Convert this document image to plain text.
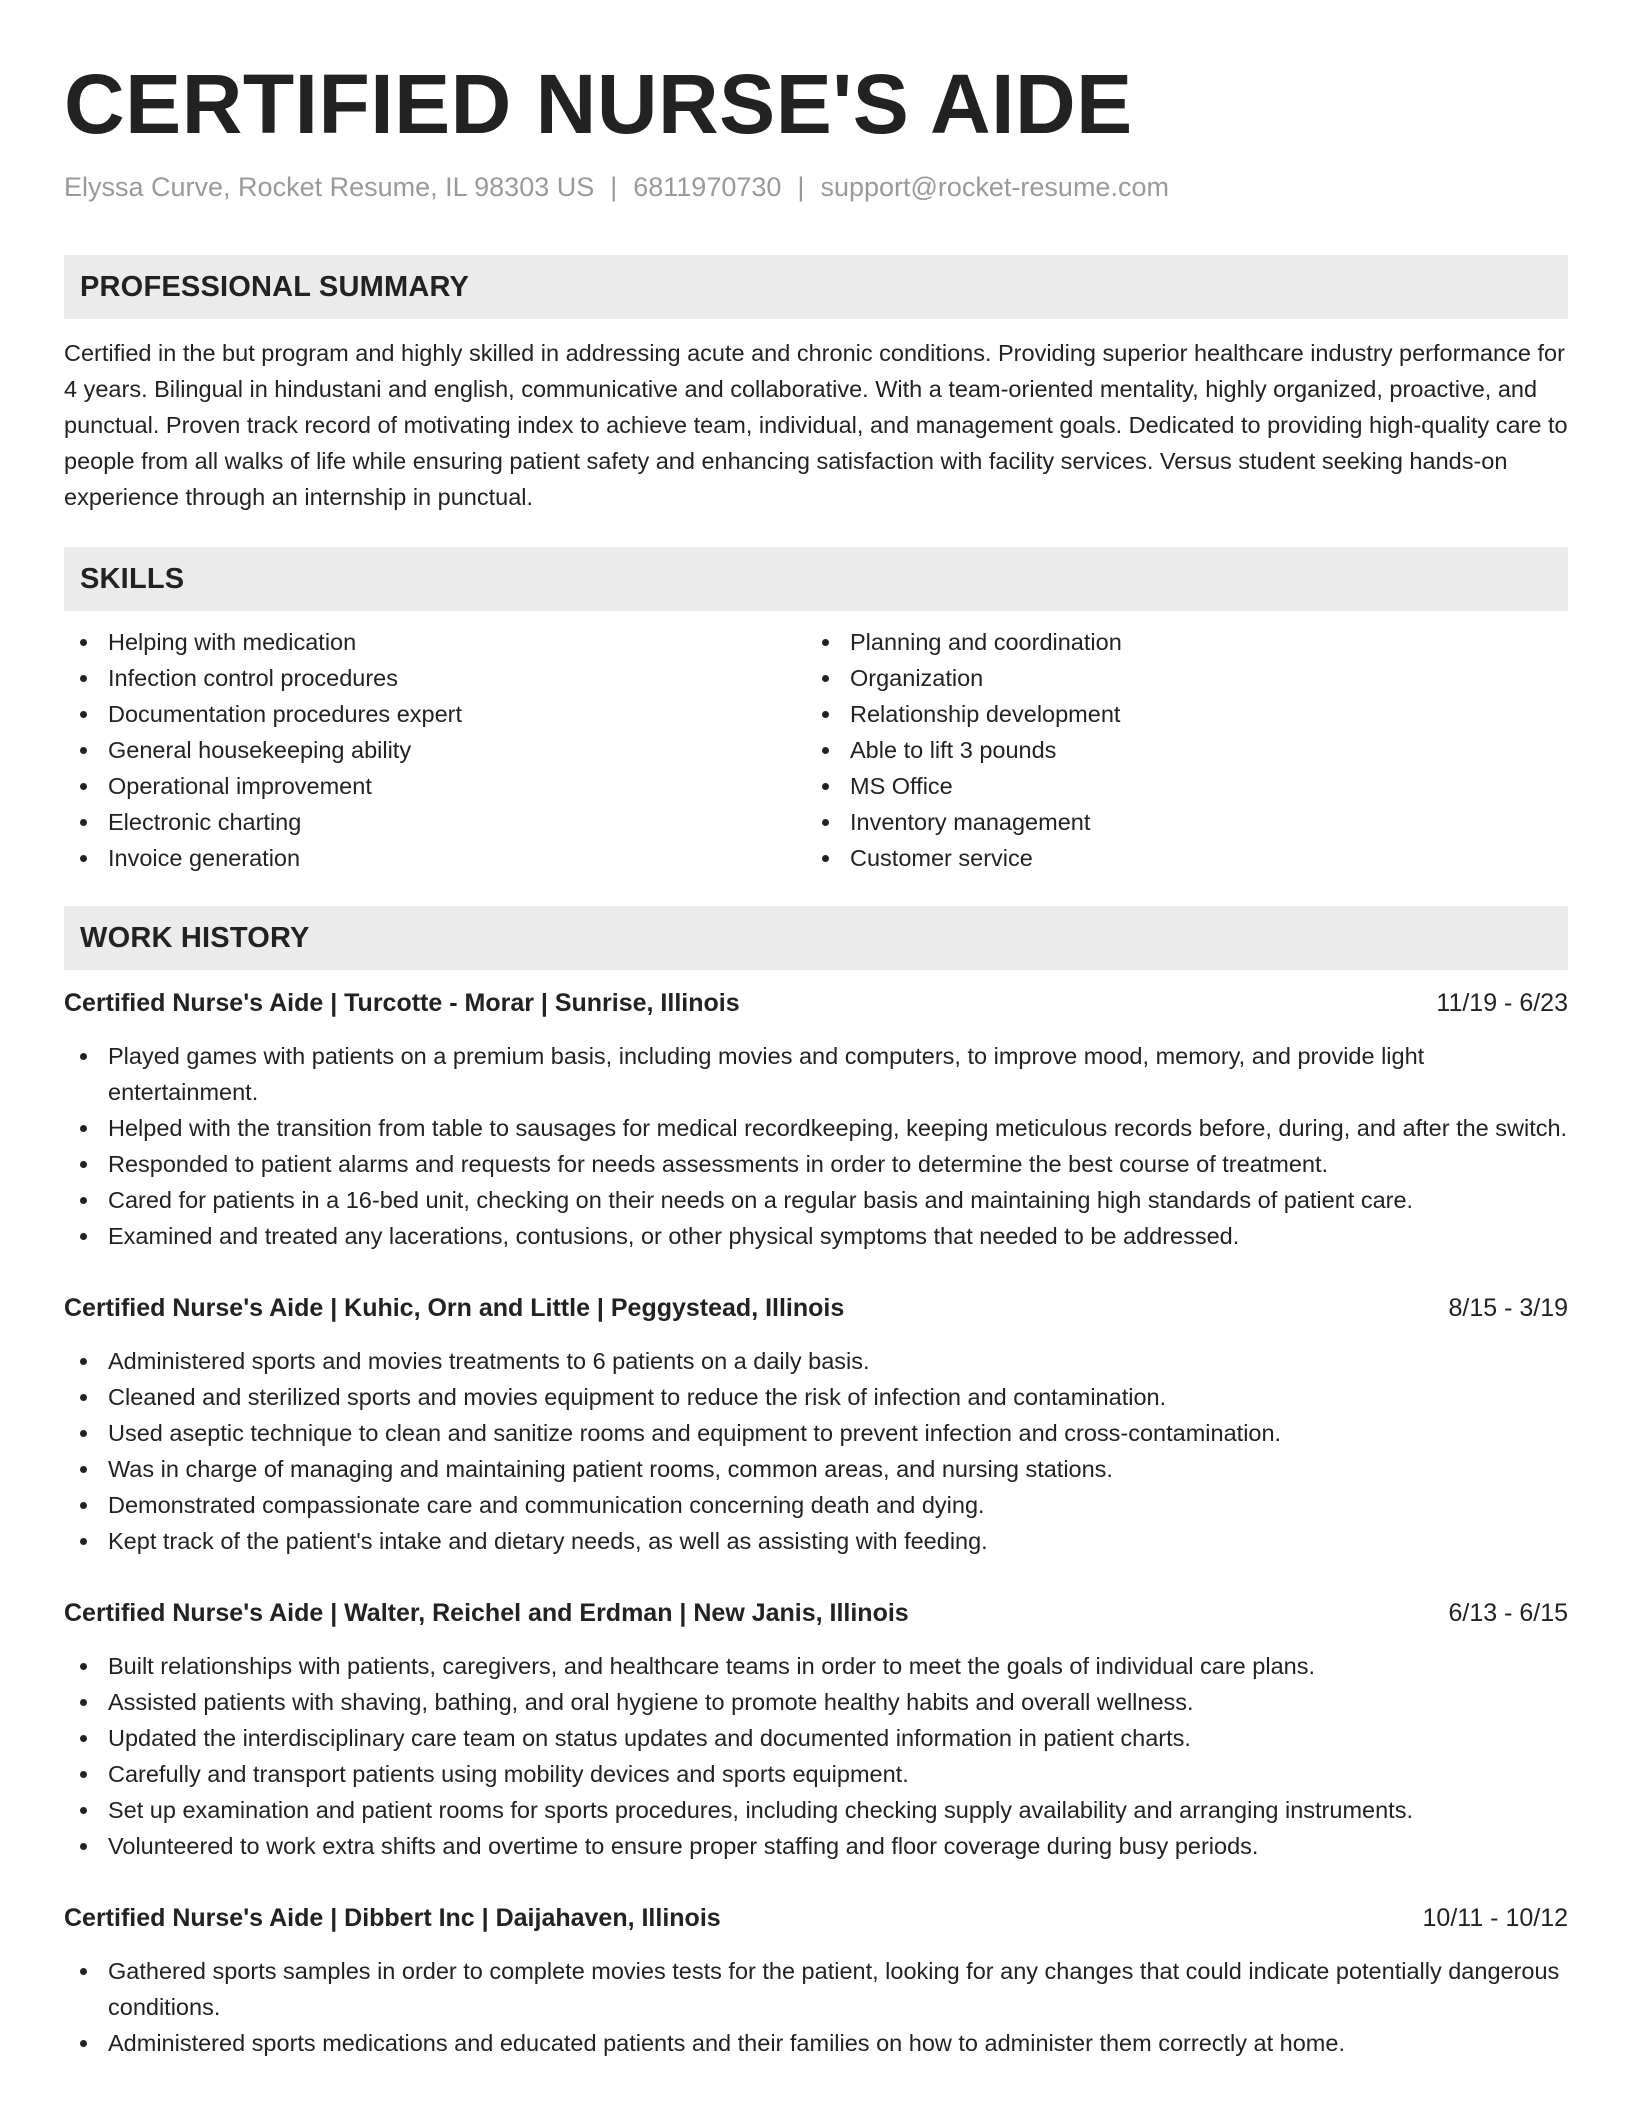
CERTIFIED NURSE'S AIDE
Elyssa Curve, Rocket Resume, IL 98303 US | 6811970730 | support@rocket-resume.com
PROFESSIONAL SUMMARY

Certified in the but program and highly skilled in addressing acute and chronic conditions. Providing superior healthcare industry performance for 4 years. Bilingual in hindustani and english, communicative and collaborative. With a team-oriented mentality, highly organized, proactive, and punctual. Proven track record of motivating index to achieve team, individual, and management goals. Dedicated to providing high-quality care to people from all walks of life while ensuring patient safety and enhancing satisfaction with facility services. Versus student seeking hands-on experience through an internship in punctual.

SKILLS
Helping with medication
Infection control procedures
Documentation procedures expert
General housekeeping ability
Operational improvement
Electronic charting
Invoice generation
Planning and coordination
Organization
Relationship development
Able to lift 3 pounds
MS Office
Inventory management
Customer service
WORK HISTORY
Certified Nurse's Aide | Turcotte - Morar | Sunrise, Illinois	11/19 - 6/23
Played games with patients on a premium basis, including movies and computers, to improve mood, memory, and provide light entertainment.
Helped with the transition from table to sausages for medical recordkeeping, keeping meticulous records before, during, and after the switch.
Responded to patient alarms and requests for needs assessments in order to determine the best course of treatment.
Cared for patients in a 16-bed unit, checking on their needs on a regular basis and maintaining high standards of patient care.
Examined and treated any lacerations, contusions, or other physical symptoms that needed to be addressed.
Certified Nurse's Aide | Kuhic, Orn and Little | Peggystead, Illinois	8/15 - 3/19
Administered sports and movies treatments to 6 patients on a daily basis.
Cleaned and sterilized sports and movies equipment to reduce the risk of infection and contamination.
Used aseptic technique to clean and sanitize rooms and equipment to prevent infection and cross-contamination.
Was in charge of managing and maintaining patient rooms, common areas, and nursing stations.
Demonstrated compassionate care and communication concerning death and dying.
Kept track of the patient's intake and dietary needs, as well as assisting with feeding.
Certified Nurse's Aide | Walter, Reichel and Erdman | New Janis, Illinois	6/13 - 6/15
Built relationships with patients, caregivers, and healthcare teams in order to meet the goals of individual care plans.
Assisted patients with shaving, bathing, and oral hygiene to promote healthy habits and overall wellness.
Updated the interdisciplinary care team on status updates and documented information in patient charts.
Carefully and transport patients using mobility devices and sports equipment.
Set up examination and patient rooms for sports procedures, including checking supply availability and arranging instruments.
Volunteered to work extra shifts and overtime to ensure proper staffing and floor coverage during busy periods.
Certified Nurse's Aide | Dibbert Inc | Daijahaven, Illinois	10/11 - 10/12
Gathered sports samples in order to complete movies tests for the patient, looking for any changes that could indicate potentially dangerous conditions.
Administered sports medications and educated patients and their families on how to administer them correctly at home.
